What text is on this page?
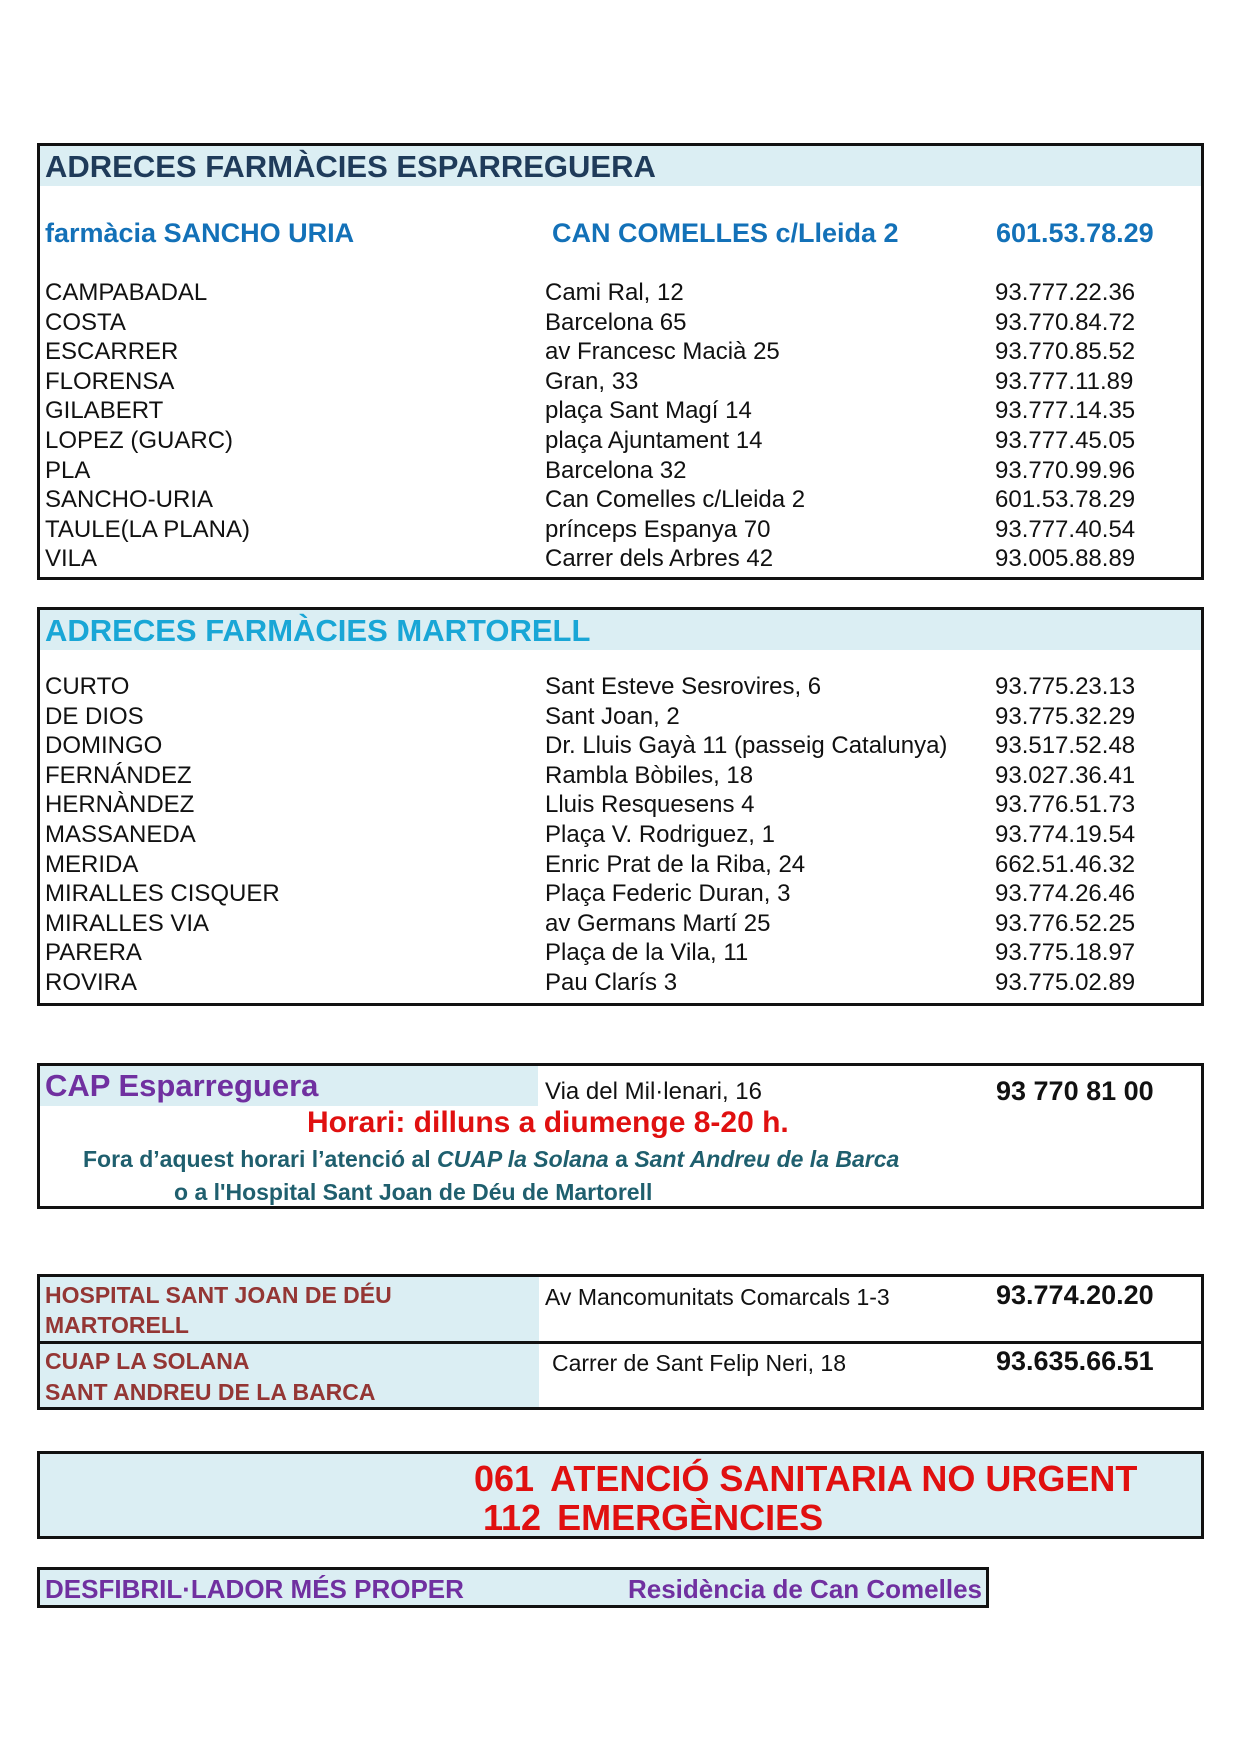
ADRECES FARMÀCIES ESPARREGUERA
farmàcia SANCHO URIA	CAN COMELLES c/Lleida 2	601.53.78.29
CAMPABADAL	Cami Ral, 12	93.777.22.36
COSTA	Barcelona 65	93.770.84.72
ESCARRER	av Francesc Macià 25	93.770.85.52
FLORENSA	Gran, 33	93.777.11.89
GILABERT	plaça Sant Magí 14	93.777.14.35
LOPEZ (GUARC)	plaça Ajuntament 14	93.777.45.05
PLA	Barcelona 32	93.770.99.96
SANCHO-URIA	Can Comelles c/Lleida 2	601.53.78.29
TAULE(LA PLANA)	prínceps Espanya 70	93.777.40.54
VILA	Carrer dels Arbres 42	93.005.88.89
ADRECES FARMÀCIES MARTORELL
CURTO	Sant Esteve Sesrovires, 6	93.775.23.13
DE DIOS	Sant Joan, 2	93.775.32.29
DOMINGO	Dr. Lluis Gayà 11 (passeig Catalunya) 93.517.52.48
FERNÁNDEZ	Rambla Bòbiles, 18	93.027.36.41
HERNÀNDEZ	Lluis Resquesens 4	93.776.51.73
MASSANEDA	Plaça V. Rodriguez, 1	93.774.19.54
MERIDA	Enric Prat de la Riba, 24	662.51.46.32
MIRALLES CISQUER	Plaça Federic Duran, 3	93.774.26.46
MIRALLES VIA	av Germans Martí 25	93.776.52.25
PARERA	Plaça de la Vila, 11	93.775.18.97
ROVIRA	Pau Clarís 3	93.775.02.89
CAP Esparreguera	Via del Mil·lenari, 16	93 770 81 00
Horari: dilluns a diumenge 8-20 h.
Fora d’aquest horari l’atenció al CUAP la Solana a Sant Andreu de la Barca
o a l'Hospital Sant Joan de Déu de Martorell
HOSPITAL SANT JOAN DE DÉU
MARTORELL
Av Mancomunitats Comarcals 1-3	93.774.20.20
CUAP LA SOLANA
SANT ANDREU DE LA BARCA
Carrer de Sant Felip Neri, 18	93.635.66.51
061 ATENCIÓ SANITARIA NO URGENT
112 EMERGÈNCIES
DESFIBRIL·LADOR MÉS PROPER	Residència de Can Comelles
